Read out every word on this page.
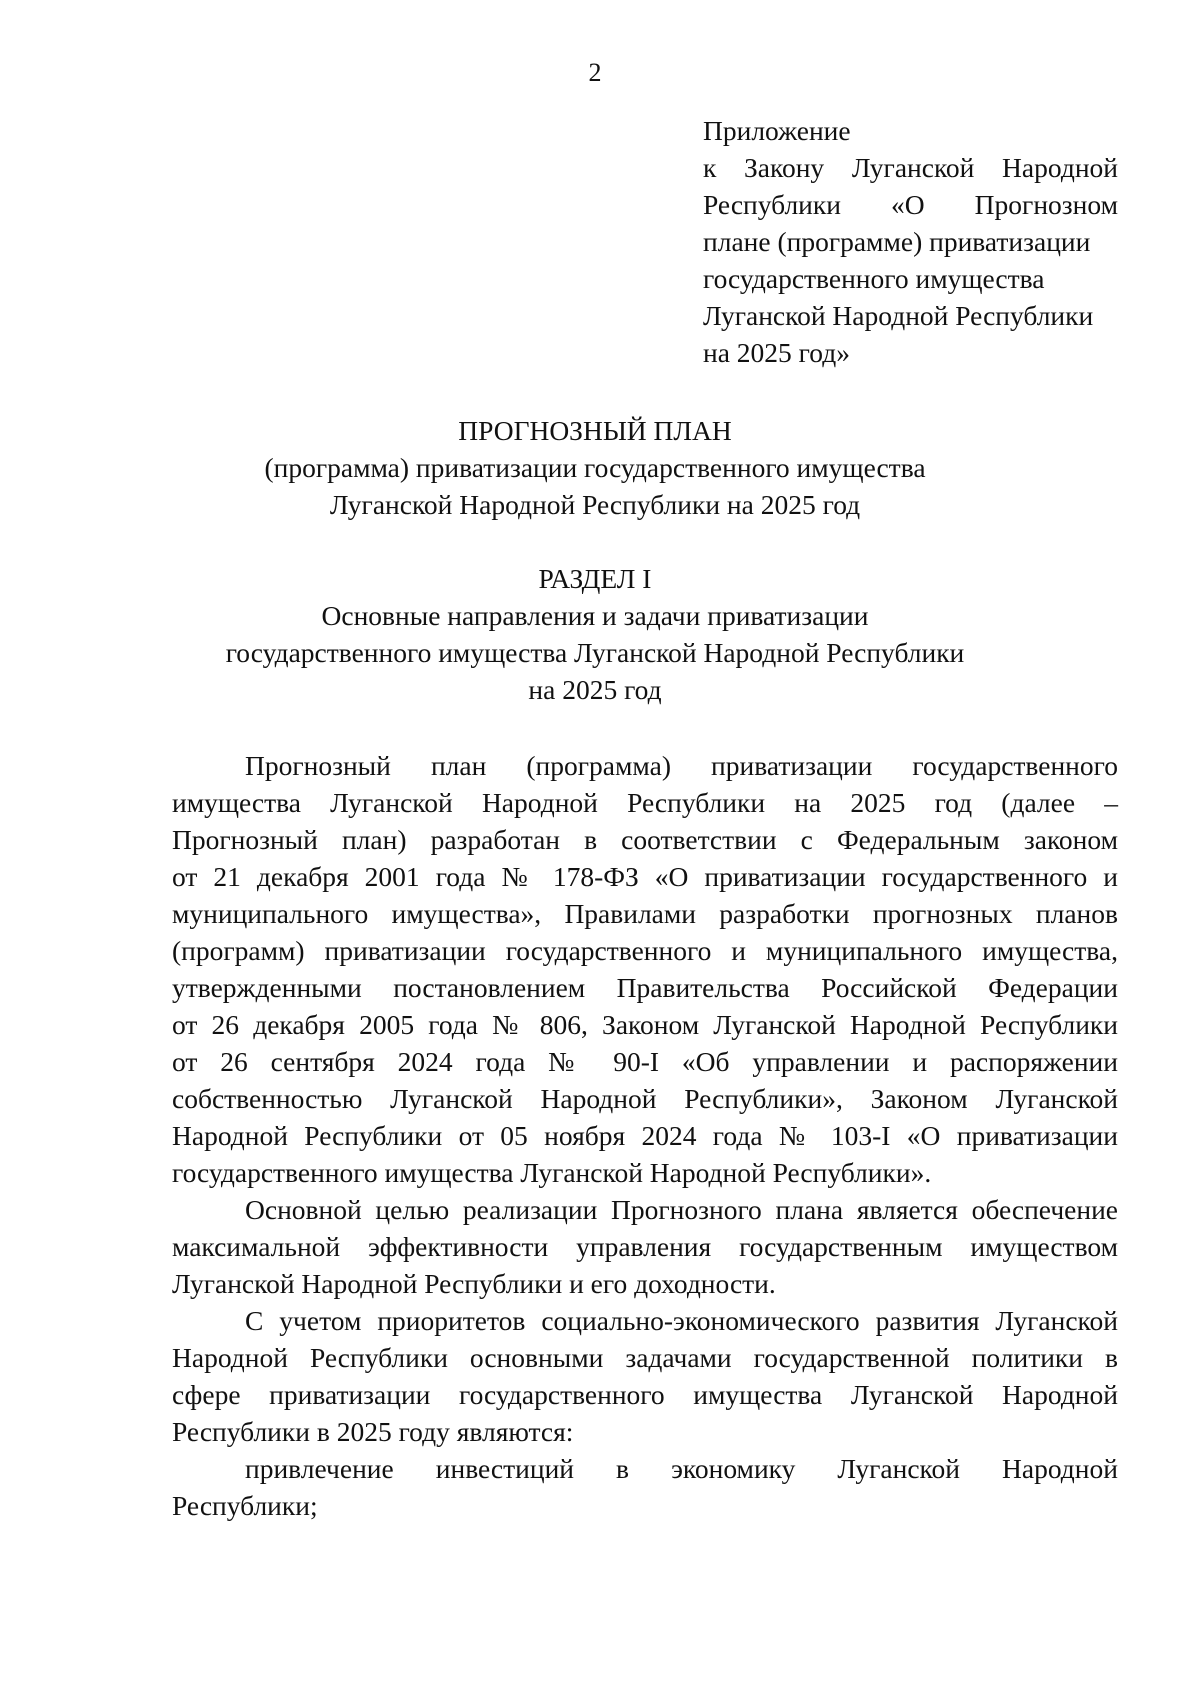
2
Приложение
к Закону Луганской Народной
Республики «О Прогнозном
плане (программе) приватизации
государственного имущества
Луганской Народной Республики
на 2025 год»
ПРОГНОЗНЫЙ ПЛАН
(программа) приватизации государственного имущества
Луганской Народной Республики на 2025 год
РАЗДЕЛ I
Основные направления и задачи приватизации
государственного имущества Луганской Народной Республики
на 2025 год
Прогнозный план (программа) приватизации государственного
имущества Луганской Народной Республики на 2025 год (далее –
Прогнозный план) разработан в соответствии с Федеральным законом
от 21 декабря 2001 года № 178-ФЗ «О приватизации государственного и
муниципального имущества», Правилами разработки прогнозных планов
(программ) приватизации государственного и муниципального имущества,
утвержденными постановлением Правительства Российской Федерации
от 26 декабря 2005 года № 806, Законом Луганской Народной Республики
от 26 сентября 2024 года № 90-I «Об управлении и распоряжении
собственностью Луганской Народной Республики», Законом Луганской
Народной Республики от 05 ноября 2024 года № 103-I «О приватизации
государственного имущества Луганской Народной Республики».
Основной целью реализации Прогнозного плана является обеспечение
максимальной эффективности управления государственным имуществом
Луганской Народной Республики и его доходности.
С учетом приоритетов социально-экономического развития Луганской
Народной Республики основными задачами государственной политики в
сфере приватизации государственного имущества Луганской Народной
Республики в 2025 году являются:
привлечение инвестиций в экономику Луганской Народной
Республики;
